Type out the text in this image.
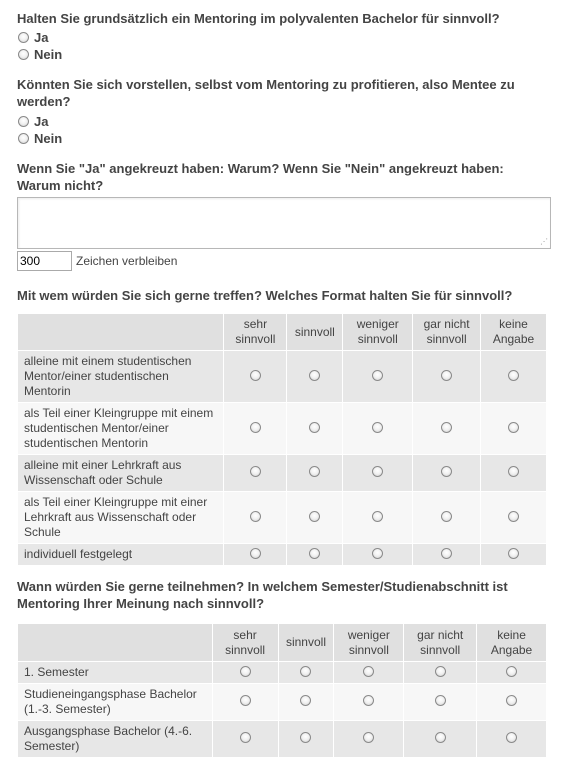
Halten Sie grundsätzlich ein Mentoring im polyvalenten Bachelor für sinnvoll?
Ja
Nein
Könnten Sie sich vorstellen, selbst vom Mentoring zu profitieren, also Mentee zu
werden?
Ja
Nein
Wenn Sie "Ja" angekreuzt haben: Warum? Wenn Sie "Nein" angekreuzt haben:
Warum nicht?
⋰
300
Zeichen verbleiben
Mit wem würden Sie sich gerne treffen? Welches Format halten Sie für sinnvoll?
	sehr sinnvoll	sinnvoll	weniger sinnvoll	gar nicht sinnvoll	keine Angabe
alleine mit einem studentischen Mentor/einer studentischen Mentorin					
als Teil einer Kleingruppe mit einem studentischen Mentor/einer studentischen Mentorin					
alleine mit einer Lehrkraft aus Wissenschaft oder Schule					
als Teil einer Kleingruppe mit einer Lehrkraft aus Wissenschaft oder Schule					
individuell festgelegt					
Wann würden Sie gerne teilnehmen? In welchem Semester/Studienabschnitt ist
Mentoring Ihrer Meinung nach sinnvoll?
	sehr sinnvoll	sinnvoll	weniger sinnvoll	gar nicht sinnvoll	keine Angabe
1. Semester					
Studieneingangsphase Bachelor (1.-3. Semester)					
Ausgangsphase Bachelor (4.-6. Semester)					
